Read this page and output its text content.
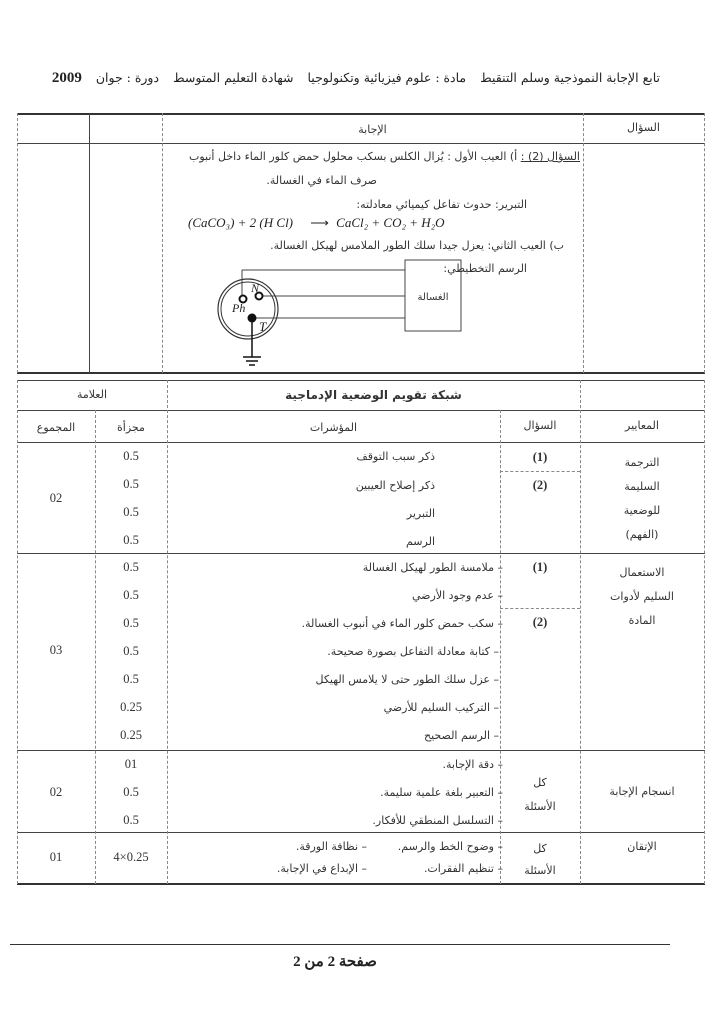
تابع الإجابة النموذجية وسلم التنقيط مادة : علوم فيزيائية وتكنولوجيا شهادة التعليم المتوسط دورة : جوان 2009
السؤال
الإجابة
السؤال (2) : أ) العيب الأول : يُزال الكلس بسكب محلول حمض كلور الماء داخل أنبوب
صرف الماء في الغسالة.
التبرير: حدوث تفاعل كيميائي معادلته:
(CaCO₃) + 2 (H Cl) ⟶ CaCl₂ + CO₂ + H₂O
ب) العيب الثاني: يعزل جيدا سلك الطور الملامس لهيكل الغسالة.
الرسم التخطيطي:
N
Ph
T
الغسالة
شبكة تقويم الوضعية الإدماجية
العلامة
المعايير
السؤال
المؤشرات
مجزأة
المجموع
الترجمة
السليمة
للوضعية
(الفهم)
(1)
(2)
ذكر سبب التوقف
ذكر إصلاح العيبين
التبرير
الرسم
0.5
0.5
0.5
0.5
02
الاستعمال
السليم لأدوات
المادة
(1)
(2)
– ملامسة الطور لهيكل الغسالة
– عدم وجود الأرضي
– سكب حمض كلور الماء في أنبوب الغسالة.
– كتابة معادلة التفاعل بصورة صحيحة.
– عزل سلك الطور حتى لا يلامس الهيكل
– التركيب السليم للأرضي
– الرسم الصحيح
0.5
0.5
0.5
0.5
0.5
0.25
0.25
03
انسجام الإجابة
كل
الأسئلة
– دقة الإجابة.
– التعبير بلغة علمية سليمة.
– التسلسل المنطقي للأفكار.
01
0.5
0.5
02
الإتقان
كل
الأسئلة
– وضوح الخط والرسم.
– نظافة الورقة.
– تنظيم الفقرات.
– الإبداع في الإجابة.
4×0.25
01
صفحة 2 من 2
